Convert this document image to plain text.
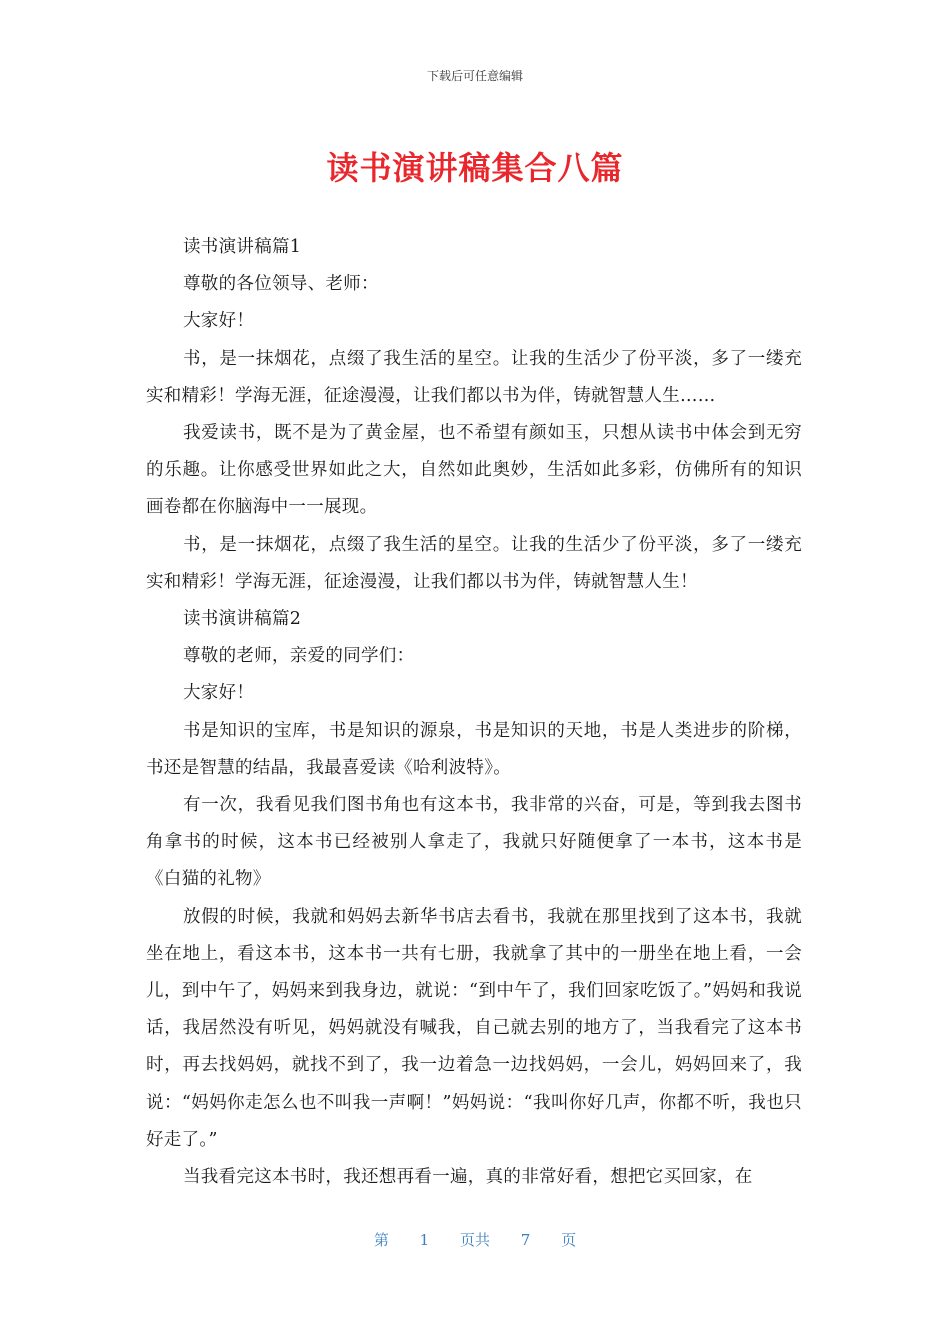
下载后可任意编辑
读书演讲稿集合八篇

读书演讲稿篇1

尊敬的各位领导、老师：

大家好！

书，是一抹烟花，点缀了我生活的星空。让我的生活少了份平淡，多了一缕充实和精彩！学海无涯，征途漫漫，让我们都以书为伴，铸就智慧人生……

我爱读书，既不是为了黄金屋，也不希望有颜如玉，只想从读书中体会到无穷的乐趣。让你感受世界如此之大，自然如此奥妙，生活如此多彩，仿佛所有的知识画卷都在你脑海中一一展现。

书，是一抹烟花，点缀了我生活的星空。让我的生活少了份平淡，多了一缕充实和精彩！学海无涯，征途漫漫，让我们都以书为伴，铸就智慧人生！

读书演讲稿篇2

尊敬的老师，亲爱的同学们：

大家好！

书是知识的宝库，书是知识的源泉，书是知识的天地，书是人类进步的阶梯，书还是智慧的结晶，我最喜爱读《哈利波特》。

有一次，我看见我们图书角也有这本书，我非常的兴奋，可是，等到我去图书角拿书的时候，这本书已经被别人拿走了，我就只好随便拿了一本书，这本书是《白猫的礼物》

放假的时候，我就和妈妈去新华书店去看书，我就在那里找到了这本书，我就坐在地上，看这本书，这本书一共有七册，我就拿了其中的一册坐在地上看，一会儿，到中午了，妈妈来到我身边，就说：“到中午了，我们回家吃饭了。”妈妈和我说话，我居然没有听见，妈妈就没有喊我，自己就去别的地方了，当我看完了这本书时，再去找妈妈，就找不到了，我一边着急一边找妈妈，一会儿，妈妈回来了，我说：“妈妈你走怎么也不叫我一声啊！”妈妈说：“我叫你好几声，你都不听，我也只好走了。”

当我看完这本书时，我还想再看一遍，真的非常好看，想把它买回家，在

第 1 页共 7 页
